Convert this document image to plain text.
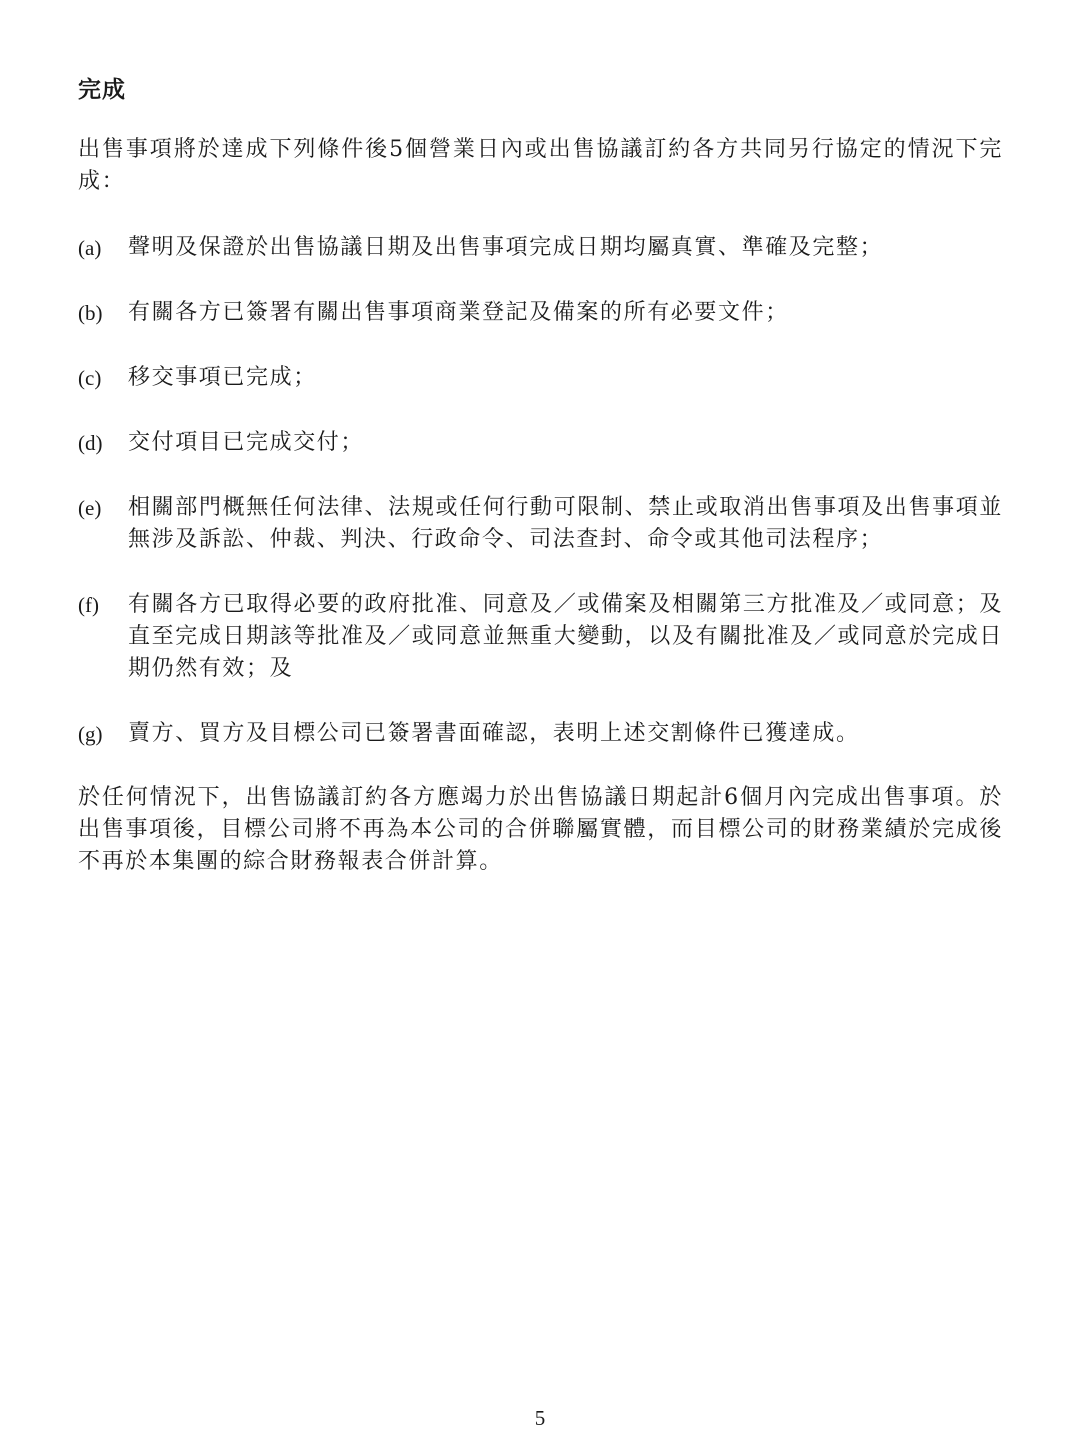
完成

出售事項將於達成下列條件後5個營業日內或出售協議訂約各方共同另行協定的情況下完成：

(a)	聲明及保證於出售協議日期及出售事項完成日期均屬真實、準確及完整；
(b)	有關各方已簽署有關出售事項商業登記及備案的所有必要文件；
(c)	移交事項已完成；
(d)	交付項目已完成交付；
(e)	相關部門概無任何法律、法規或任何行動可限制、禁止或取消出售事項及出售事項並無涉及訴訟、仲裁、判決、行政命令、司法查封、命令或其他司法程序；
(f)	有關各方已取得必要的政府批准、同意及／或備案及相關第三方批准及／或同意；及直至完成日期該等批准及／或同意並無重大變動，以及有關批准及／或同意於完成日期仍然有效；及
(g)	賣方、買方及目標公司已簽署書面確認，表明上述交割條件已獲達成。

於任何情況下，出售協議訂約各方應竭力於出售協議日期起計6個月內完成出售事項。於出售事項後，目標公司將不再為本公司的合併聯屬實體，而目標公司的財務業績於完成後不再於本集團的綜合財務報表合併計算。

5
